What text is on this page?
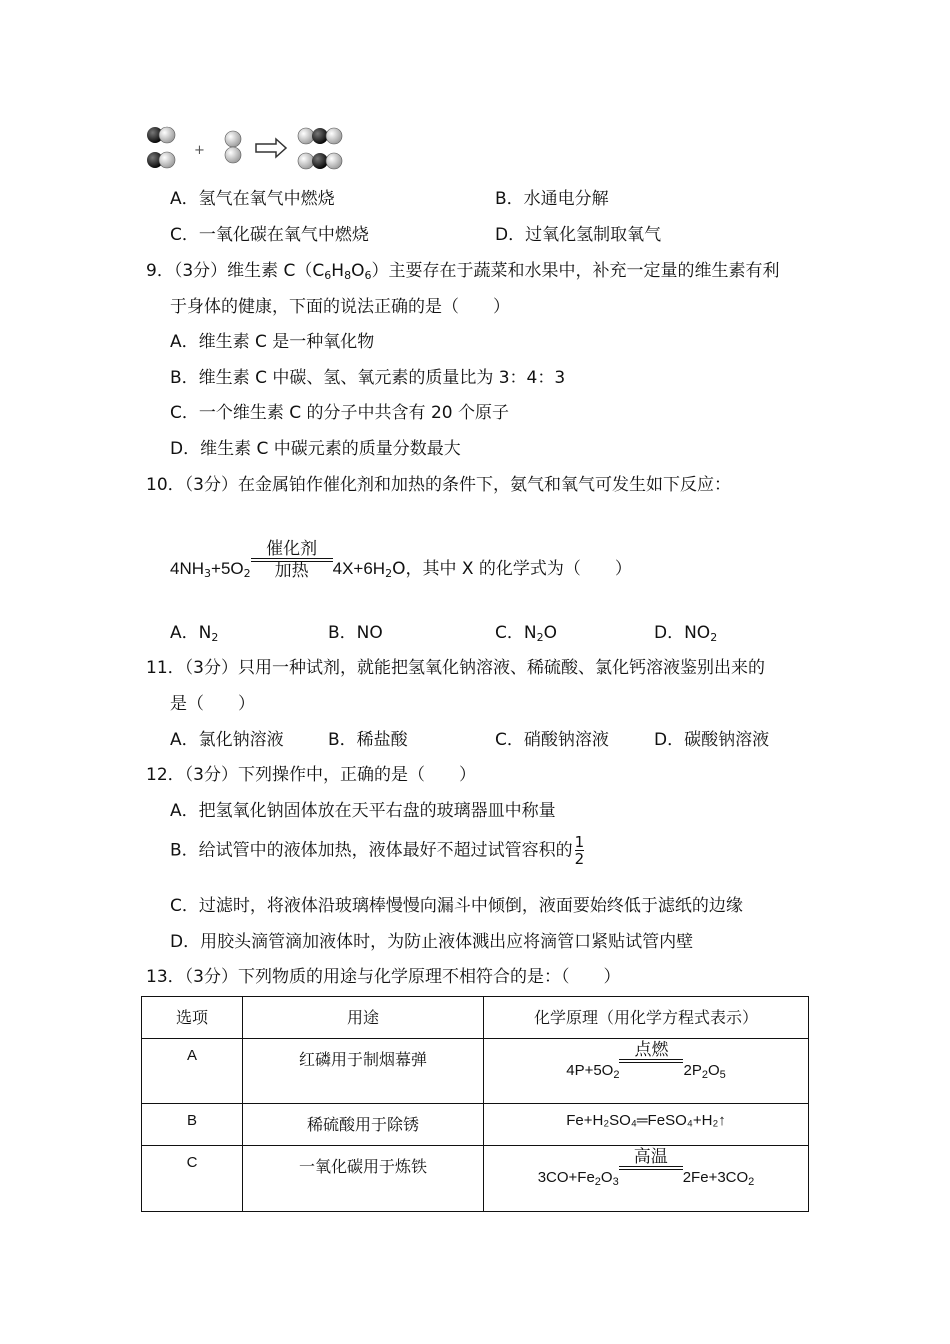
+
A．氢气在氧气中燃烧	B．水通电分解
C．一氧化碳在氧气中燃烧	D．过氧化氢制取氧气
9．（3分）维生素 $C(C_6H_8O_6)$主要存在于蔬菜和水果中，补充一定量的维生素有利
于身体的健康，下面的说法正确的是（　　）
A．维生素 C 是一种氧化物
B．维生素 C 中碳、氢、氧元素的质量比为 3：4：3
C．一个维生素 C 的分子中共含有 20 个原子
D．维生素 C 中碳元素的质量分数最大
10．（3分）在金属铂作催化剂和加热的条件下，氨气和氧气可发生如下反应：
$4NH_3+5O_2$
催化剂
加热	$4X+6H_2O$，其中 X 的化学式为（　　）
A．$N_2$	B．NO	C．$N_2O$	D．$NO_2$
11．（3分）只用一种试剂，就能把氢氧化钠溶液、稀硫酸、氯化钙溶液鉴别出来的
是（　　）
A．氯化钠溶液	B．稀盐酸	C．硝酸钠溶液	D．碳酸钠溶液
12．（3分）下列操作中，正确的是（　　）
A．把氢氧化钠固体放在天平右盘的玻璃器皿中称量
B．给试管中的液体加热，液体最好不超过试管容积的 $\frac{1}{2}$
C．过滤时，将液体沿玻璃棒慢慢向漏斗中倾倒，液面要始终低于滤纸的边缘
D．用胶头滴管滴加液体时，为防止液体溅出应将滴管口紧贴试管内壁
13．（3分）下列物质的用途与化学原理不相符合的是：（　　）
选项	用途	化学原理（用化学方程式表示）
A	红磷用于制烟幕弹	$4P+5O_2$
点燃
$2P_2O_5$
B	稀硫酸用于除锈	Fe+H₂SO₄═FeSO₄+H₂↑
C	一氧化碳用于炼铁	$3CO+Fe_2O_3$
高温
$2Fe+3CO_2$
